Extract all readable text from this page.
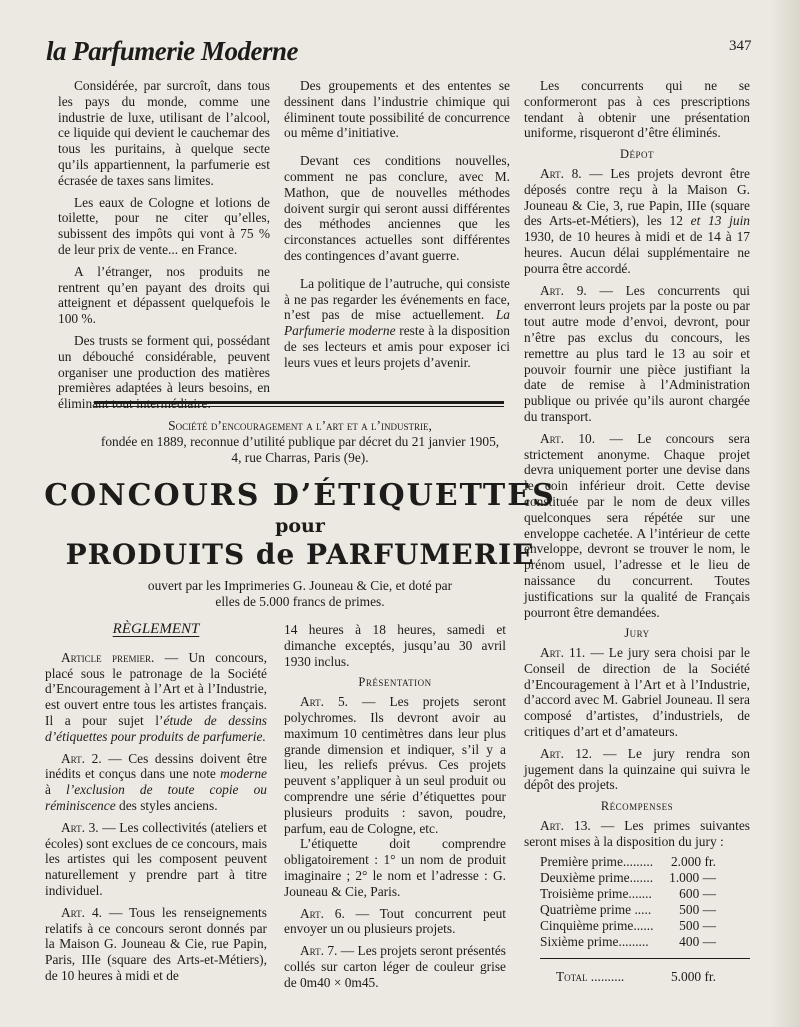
la Parfumerie Moderne	347

Considérée, par surcroît, dans tous les pays du monde, comme une industrie de luxe, utilisant de l’alcool, ce liquide qui devient le cauchemar des tous les puritains, à quelque secte qu’ils appartiennent, la parfumerie est écrasée de taxes sans limites.

Les eaux de Cologne et lotions de toilette, pour ne citer qu’elles, subissent des impôts qui vont à 75 % de leur prix de vente... en France.

A l’étranger, nos produits ne rentrent qu’en payant des droits qui atteignent et dépassent quelquefois le 100 %.

Des trusts se forment qui, possédant un débouché considérable, peuvent organiser une production des matières premières adaptées à leurs besoins, en éliminant tout intermédiaire.

Des groupements et des ententes se dessinent dans l’industrie chimique qui éliminent toute possibilité de concurrence ou même d’initiative.

Devant ces conditions nouvelles, comment ne pas conclure, avec M. Mathon, que de nouvelles méthodes doivent surgir qui seront aussi différentes des méthodes anciennes que les circonstances actuelles sont différentes des contingences d’avant guerre.

La politique de l’autruche, qui consiste à ne pas regarder les événements en face, n’est pas de mise actuellement. La Parfumerie moderne reste à la disposition de ses lecteurs et amis pour exposer ici leurs vues et leurs projets d’avenir.

Société d’encouragement a l’art et a l’industrie,
fondée en 1889, reconnue d’utilité publique par décret du 21 janvier 1905, 4, rue Charras, Paris (9e).
CONCOURS D’ÉTIQUETTES
pour
PRODUITS de PARFUMERIE
ouvert par les Imprimeries G. Jouneau & Cie, et doté par elles de 5.000 francs de primes.
RÈGLEMENT

Article premier. — Un concours, placé sous le patronage de la Société d’Encouragement à l’Art et à l’Industrie, est ouvert entre tous les artistes français. Il a pour sujet l’étude de dessins d’étiquettes pour produits de parfumerie.

Art. 2. — Ces dessins doivent être inédits et conçus dans une note moderne à l’exclusion de toute copie ou réminiscence des styles anciens.

Art. 3. — Les collectivités (ateliers et écoles) sont exclues de ce concours, mais les artistes qui les composent peuvent naturellement y prendre part à titre individuel.

Art. 4. — Tous les renseignements relatifs à ce concours seront donnés par la Maison G. Jouneau & Cie, rue Papin, Paris, IIIe (square des Arts-et-Métiers), de 10 heures à midi et de

14 heures à 18 heures, samedi et dimanche exceptés, jusqu’au 30 avril 1930 inclus.

Présentation

Art. 5. — Les projets seront polychromes. Ils devront avoir au maximum 10 centimètres dans leur plus grande dimension et indiquer, s’il y a lieu, les reliefs prévus. Ces projets peuvent s’appliquer à un seul produit ou comprendre une série d’étiquettes pour plusieurs produits : savon, poudre, parfum, eau de Cologne, etc.

L’étiquette doit comprendre obligatoirement : 1° un nom de produit imaginaire ; 2° le nom et l’adresse : G. Jouneau & Cie, Paris.

Art. 6. — Tout concurrent peut envoyer un ou plusieurs projets.

Art. 7. — Les projets seront présentés collés sur carton léger de couleur grise de 0m40 × 0m45.

Les concurrents qui ne se conformeront pas à ces prescriptions tendant à obtenir une présentation uniforme, risqueront d’être éliminés.

Dépot

Art. 8. — Les projets devront être déposés contre reçu à la Maison G. Jouneau & Cie, 3, rue Papin, IIIe (square des Arts-et-Métiers), les 12 et 13 juin 1930, de 10 heures à midi et de 14 à 17 heures. Aucun délai supplémentaire ne pourra être accordé.

Art. 9. — Les concurrents qui enverront leurs projets par la poste ou par tout autre mode d’envoi, devront, pour n’être pas exclus du concours, les remettre au plus tard le 13 au soir et pouvoir fournir une pièce justifiant la date de remise à l’Administration publique ou privée qu’ils auront chargée du transport.

Art. 10. — Le concours sera strictement anonyme. Chaque projet devra uniquement porter une devise dans le coin inférieur droit. Cette devise constituée par le nom de deux villes quelconques sera répétée sur une enveloppe cachetée. A l’intérieur de cette enveloppe, devront se trouver le nom, le prénom usuel, l’adresse et le lieu de naissance du concurrent. Toutes justifications sur la qualité de Français pourront être demandées.

Jury

Art. 11. — Le jury sera choisi par le Conseil de direction de la Société d’Encouragement à l’Art et à l’Industrie, d’accord avec M. Gabriel Jouneau. Il sera composé d’artistes, d’industriels, de critiques d’art et d’amateurs.

Art. 12. — Le jury rendra son jugement dans la quinzaine qui suivra le dépôt des projets.

Récompenses

Art. 13. — Les primes suivantes seront mises à la disposition du jury :

Première prime......... 2.000 fr.
Deuxième prime....... 1.000 —
Troisième prime....... 600 —
Quatrième prime ..... 500 —
Cinquième prime...... 500 —
Sixième prime......... 400 —
Total ..........	5.000 fr.
